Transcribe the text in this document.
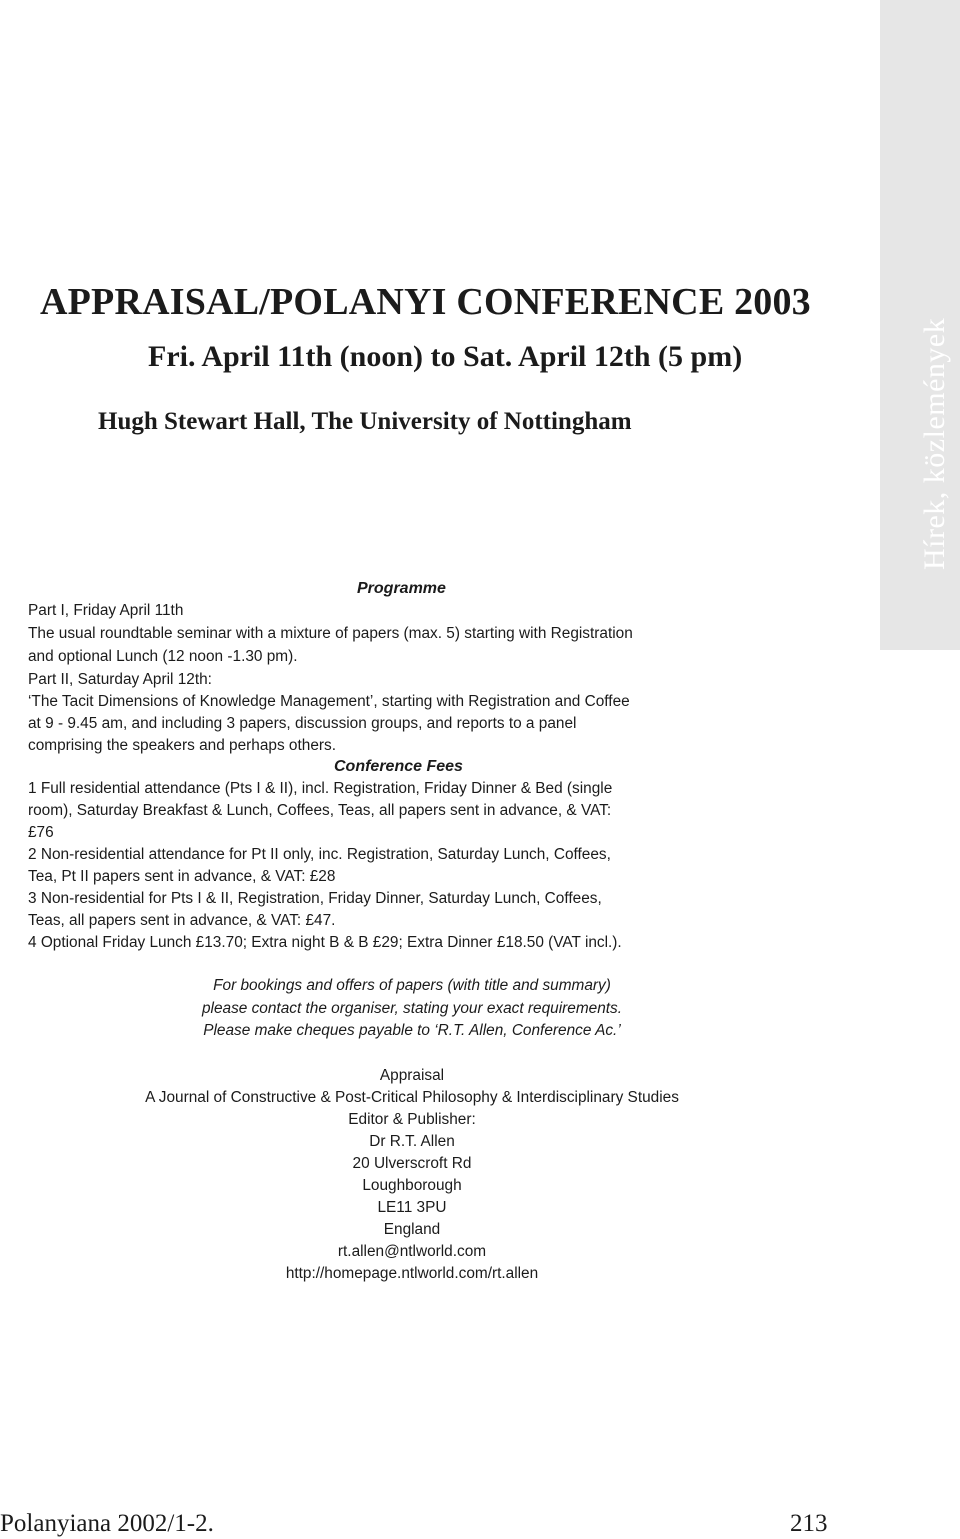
Hírek, közlemények
APPRAISAL/POLANYI CONFERENCE 2003
Fri. April 11th (noon) to Sat. April 12th (5 pm)
Hugh Stewart Hall, The University of Nottingham
Programme
Part I, Friday April 11th
The usual roundtable seminar with a mixture of papers (max. 5) starting with Registration
and optional Lunch (12 noon -1.30 pm).
Part II, Saturday April 12th:
‘The Tacit Dimensions of Knowledge Management’, starting with Registration and Coffee
at 9 - 9.45 am, and including 3 papers, discussion groups, and reports to a panel
comprising the speakers and perhaps others.
Conference Fees
1 Full residential attendance (Pts I & II), incl. Registration, Friday Dinner & Bed (single
room), Saturday Breakfast & Lunch, Coffees, Teas, all papers sent in advance, & VAT:
£76
2 Non-residential attendance for Pt II only, inc. Registration, Saturday Lunch, Coffees,
Tea, Pt II papers sent in advance, & VAT: £28
3 Non-residential for Pts I & II, Registration, Friday Dinner, Saturday Lunch, Coffees,
Teas, all papers sent in advance, & VAT: £47.
4 Optional Friday Lunch £13.70; Extra night B & B £29; Extra Dinner £18.50 (VAT incl.).
For bookings and offers of papers (with title and summary)
please contact the organiser, stating your exact requirements.
Please make cheques payable to ‘R.T. Allen, Conference Ac.’
Appraisal
A Journal of Constructive & Post-Critical Philosophy & Interdisciplinary Studies
Editor & Publisher:
Dr R.T. Allen
20 Ulverscroft Rd
Loughborough
LE11 3PU
England
rt.allen@ntlworld.com
http://homepage.ntlworld.com/rt.allen
Polanyiana 2002/1-2.	213
